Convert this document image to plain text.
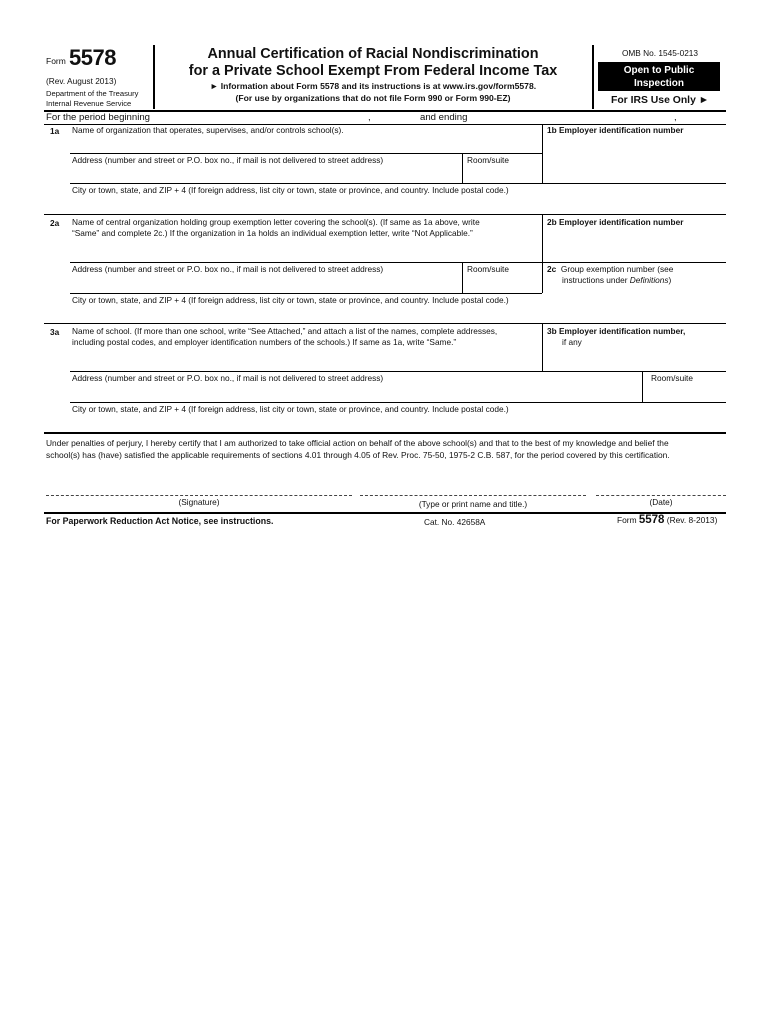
Form 5578
(Rev. August 2013)
Department of the Treasury
Internal Revenue Service
Annual Certification of Racial Nondiscrimination
for a Private School Exempt From Federal Income Tax
► Information about Form 5578 and its instructions is at www.irs.gov/form5578.
(For use by organizations that do not file Form 990 or Form 990-EZ)
OMB No. 1545-0213
Open to Public
Inspection
For IRS Use Only ►
For the period beginning	,	and ending	,
1a Name of organization that operates, supervises, and/or controls school(s).	1b Employer identification number
Address (number and street or P.O. box no., if mail is not delivered to street address)	Room/suite
City or town, state, and ZIP + 4 (If foreign address, list city or town, state or province, and country. Include postal code.)
2a Name of central organization holding group exemption letter covering the school(s). (If same as 1a above, write
“Same” and complete 2c.) If the organization in 1a holds an individual exemption letter, write “Not Applicable.”
2b Employer identification number
Address (number and street or P.O. box no., if mail is not delivered to street address)	Room/suite	2c Group exemption number (see
instructions under Definitions)
City or town, state, and ZIP + 4 (If foreign address, list city or town, state or province, and country. Include postal code.)
3a Name of school. (If more than one school, write “See Attached,” and attach a list of the names, complete addresses,
including postal codes, and employer identification numbers of the schools.) If same as 1a, write “Same.”
3b Employer identification number,
if any
Address (number and street or P.O. box no., if mail is not delivered to street address)	Room/suite
City or town, state, and ZIP + 4 (If foreign address, list city or town, state or province, and country. Include postal code.)
Under penalties of perjury, I hereby certify that I am authorized to take official action on behalf of the above school(s) and that to the best of my knowledge and belief the
school(s) has (have) satisfied the applicable requirements of sections 4.01 through 4.05 of Rev. Proc. 75-50, 1975-2 C.B. 587, for the period covered by this certification.
(Signature)	(Type or print name and title.)	(Date)
For Paperwork Reduction Act Notice, see instructions.	Cat. No. 42658A	Form 5578 (Rev. 8-2013)
